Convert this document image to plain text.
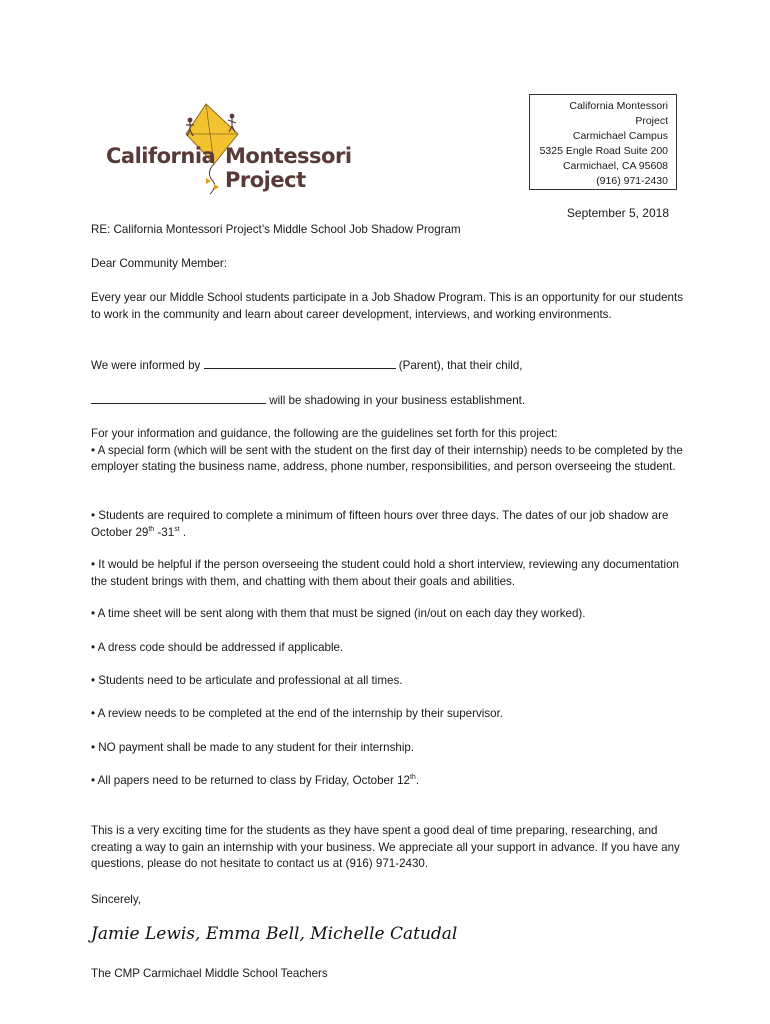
California Montessori Project
California Montessori
Project
Carmichael Campus
5325 Engle Road Suite 200
Carmichael, CA 95608
(916) 971-2430
September 5, 2018
RE: California Montessori Project’s Middle School Job Shadow Program
Dear Community Member:
Every year our Middle School students participate in a Job Shadow Program. This is an opportunity for our students to work in the community and learn about career development, interviews, and working environments.
We were informed by	(Parent), that their child,
will be shadowing in your business establishment.
For your information and guidance, the following are the guidelines set forth for this project:
• A special form (which will be sent with the student on the first day of their internship) needs to be completed by the employer stating the business name, address, phone number, responsibilities, and person overseeing the student.
• Students are required to complete a minimum of fifteen hours over three days. The dates of our job shadow are October 29th -31st .
• It would be helpful if the person overseeing the student could hold a short interview, reviewing any documentation the student brings with them, and chatting with them about their goals and abilities.
• A time sheet will be sent along with them that must be signed (in/out on each day they worked).
• A dress code should be addressed if applicable.
• Students need to be articulate and professional at all times.
• A review needs to be completed at the end of the internship by their supervisor.
• NO payment shall be made to any student for their internship.
• All papers need to be returned to class by Friday, October 12th.
This is a very exciting time for the students as they have spent a good deal of time preparing, researching, and creating a way to gain an internship with your business. We appreciate all your support in advance. If you have any questions, please do not hesitate to contact us at (916) 971-2430.
Sincerely,
Jamie Lewis, Emma Bell, Michelle Catudal
The CMP Carmichael Middle School Teachers
